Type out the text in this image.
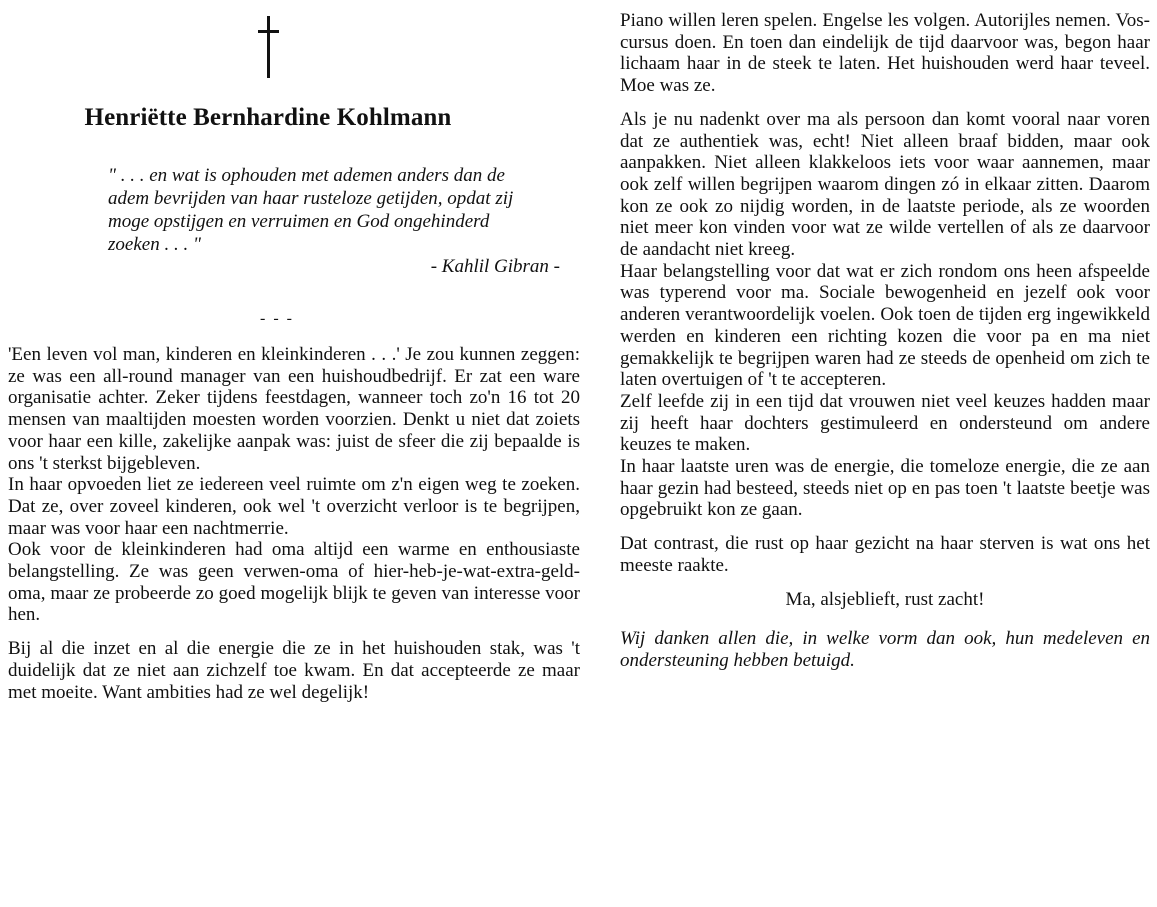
Henriëtte Bernhardine Kohlmann
" . . . en wat is ophouden met ademen anders dan de adem bevrijden van haar rusteloze getijden, opdat zij moge opstijgen en verruimen en God ongehinderd zoeken . . . "
- Kahlil Gibran -
- - -

'Een leven vol man, kinderen en kleinkinderen . . .' Je zou kunnen zeggen: ze was een all-round manager van een huishoudbedrijf. Er zat een ware organisatie achter. Zeker tijdens feestdagen, wanneer toch zo'n 16 tot 20 mensen van maaltijden moesten worden voorzien. Denkt u niet dat zoiets voor haar een kille, zakelijke aanpak was: juist de sfeer die zij bepaalde is ons 't sterkst bijgebleven.

In haar opvoeden liet ze iedereen veel ruimte om z'n eigen weg te zoeken. Dat ze, over zoveel kinderen, ook wel 't overzicht verloor is te begrijpen, maar was voor haar een nachtmerrie.

Ook voor de kleinkinderen had oma altijd een warme en enthousiaste belangstelling. Ze was geen verwen-oma of hier-heb-je-wat-extra-geld-oma, maar ze probeerde zo goed mogelijk blijk te geven van interesse voor hen.

Bij al die inzet en al die energie die ze in het huishouden stak, was 't duidelijk dat ze niet aan zichzelf toe kwam. En dat accepteerde ze maar met moeite. Want ambities had ze wel degelijk!

Piano willen leren spelen. Engelse les volgen. Autorijles nemen. Vos-cursus doen. En toen dan eindelijk de tijd daarvoor was, begon haar lichaam haar in de steek te laten. Het huishouden werd haar teveel. Moe was ze.

Als je nu nadenkt over ma als persoon dan komt vooral naar voren dat ze authentiek was, echt! Niet alleen braaf bidden, maar ook aanpakken. Niet alleen klakkeloos iets voor waar aannemen, maar ook zelf willen begrijpen waarom dingen zó in elkaar zitten. Daarom kon ze ook zo nijdig worden, in de laatste periode, als ze woorden niet meer kon vinden voor wat ze wilde vertellen of als ze daarvoor de aandacht niet kreeg.

Haar belangstelling voor dat wat er zich rondom ons heen afspeelde was typerend voor ma. Sociale bewogenheid en jezelf ook voor anderen verantwoordelijk voelen. Ook toen de tijden erg ingewikkeld werden en kinderen een richting kozen die voor pa en ma niet gemakkelijk te begrijpen waren had ze steeds de openheid om zich te laten overtuigen of 't te accepteren.

Zelf leefde zij in een tijd dat vrouwen niet veel keuzes hadden maar zij heeft haar dochters gestimuleerd en ondersteund om andere keuzes te maken.

In haar laatste uren was de energie, die tomeloze energie, die ze aan haar gezin had besteed, steeds niet op en pas toen 't laatste beetje was opgebruikt kon ze gaan.

Dat contrast, die rust op haar gezicht na haar sterven is wat ons het meeste raakte.

Ma, alsjeblieft, rust zacht!

Wij danken allen die, in welke vorm dan ook, hun medeleven en ondersteuning hebben betuigd.
